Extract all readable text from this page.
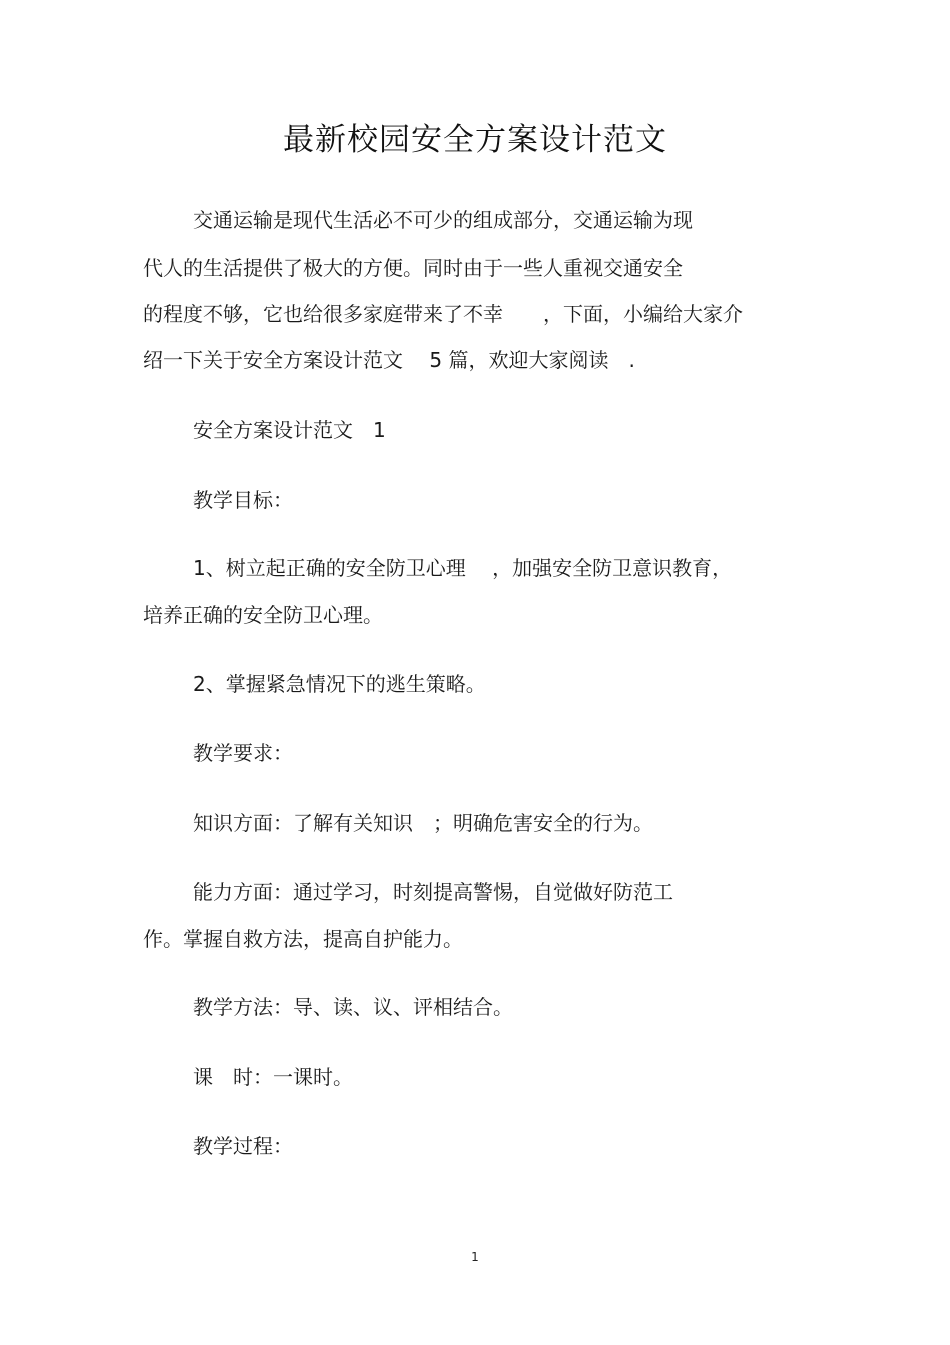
最新校园安全方案设计范文
交通运输是现代生活必不可少的组成部分，交通运输为现
代人的生活提供了极大的方便。同时由于一些人重视交通安全
的程度不够，它也给很多家庭带来了不幸　　，下面，小编给大家介
绍一下关于安全方案设计范文　 5 篇，欢迎大家阅读　.
安全方案设计范文　1
教学目标：
1、树立起正确的安全防卫心理　 ，加强安全防卫意识教育，
培养正确的安全防卫心理。
2、掌握紧急情况下的逃生策略。
教学要求：
知识方面：了解有关知识　；明确危害安全的行为。
能力方面：通过学习，时刻提高警惕，自觉做好防范工
作。掌握自救方法，提高自护能力。
教学方法：导、读、议、评相结合。
课　时：一课时。
教学过程：
1
